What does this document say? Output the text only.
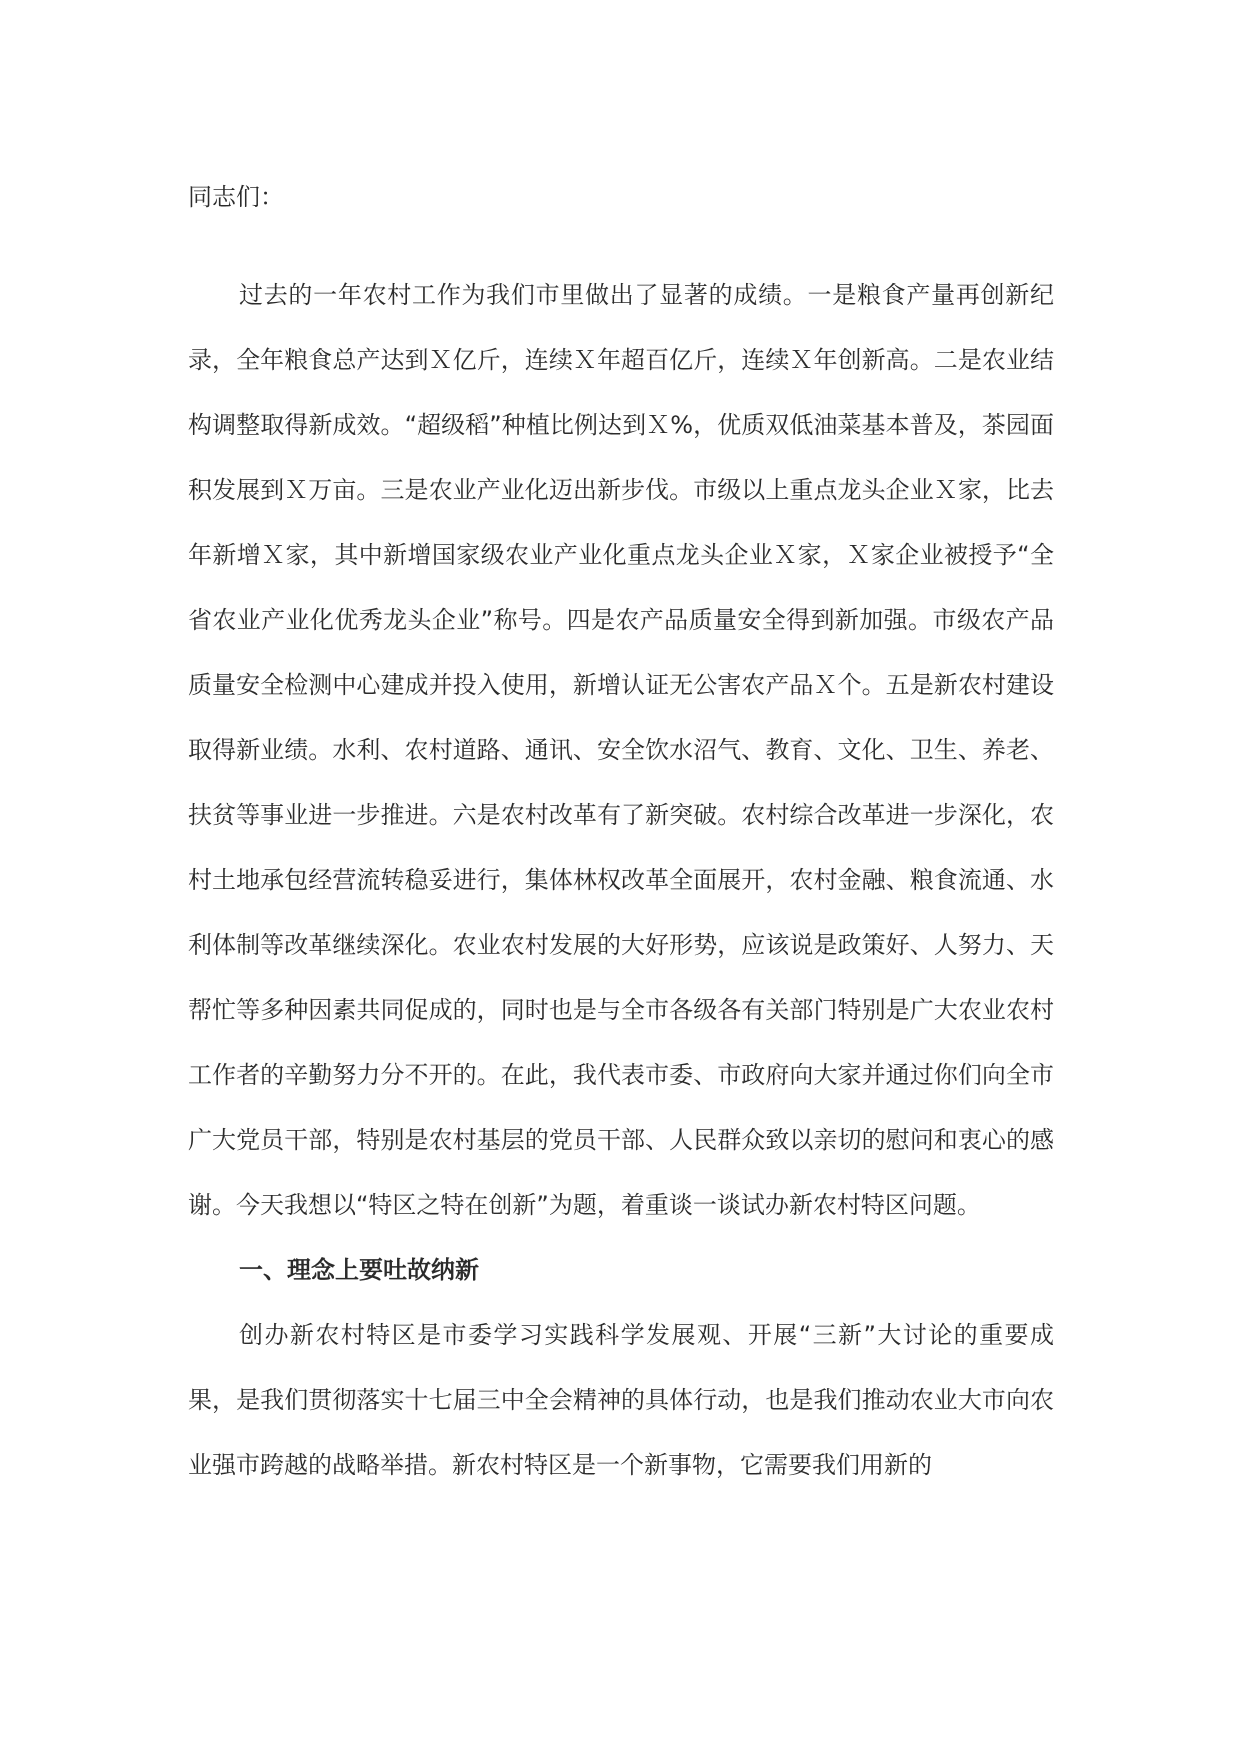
同志们：

过去的一年农村工作为我们市里做出了显著的成绩。一是粮食产量再创新纪录，全年粮食总产达到Ｘ亿斤，连续Ｘ年超百亿斤，连续Ｘ年创新高。二是农业结构调整取得新成效。“超级稻”种植比例达到Ｘ%，优质双低油菜基本普及，茶园面积发展到Ｘ万亩。三是农业产业化迈出新步伐。市级以上重点龙头企业Ｘ家，比去年新增Ｘ家，其中新增国家级农业产业化重点龙头企业Ｘ家，Ｘ家企业被授予“全省农业产业化优秀龙头企业”称号。四是农产品质量安全得到新加强。市级农产品质量安全检测中心建成并投入使用，新增认证无公害农产品Ｘ个。五是新农村建设取得新业绩。水利、农村道路、通讯、安全饮水沼气、教育、文化、卫生、养老、扶贫等事业进一步推进。六是农村改革有了新突破。农村综合改革进一步深化，农村土地承包经营流转稳妥进行，集体林权改革全面展开，农村金融、粮食流通、水利体制等改革继续深化。农业农村发展的大好形势，应该说是政策好、人努力、天帮忙等多种因素共同促成的，同时也是与全市各级各有关部门特别是广大农业农村工作者的辛勤努力分不开的。在此，我代表市委、市政府向大家并通过你们向全市广大党员干部，特别是农村基层的党员干部、人民群众致以亲切的慰问和衷心的感谢。今天我想以“特区之特在创新”为题，着重谈一谈试办新农村特区问题。

一、理念上要吐故纳新

创办新农村特区是市委学习实践科学发展观、开展“三新”大讨论的重要成果，是我们贯彻落实十七届三中全会精神的具体行动，也是我们推动农业大市向农业强市跨越的战略举措。新农村特区是一个新事物，它需要我们用新的
